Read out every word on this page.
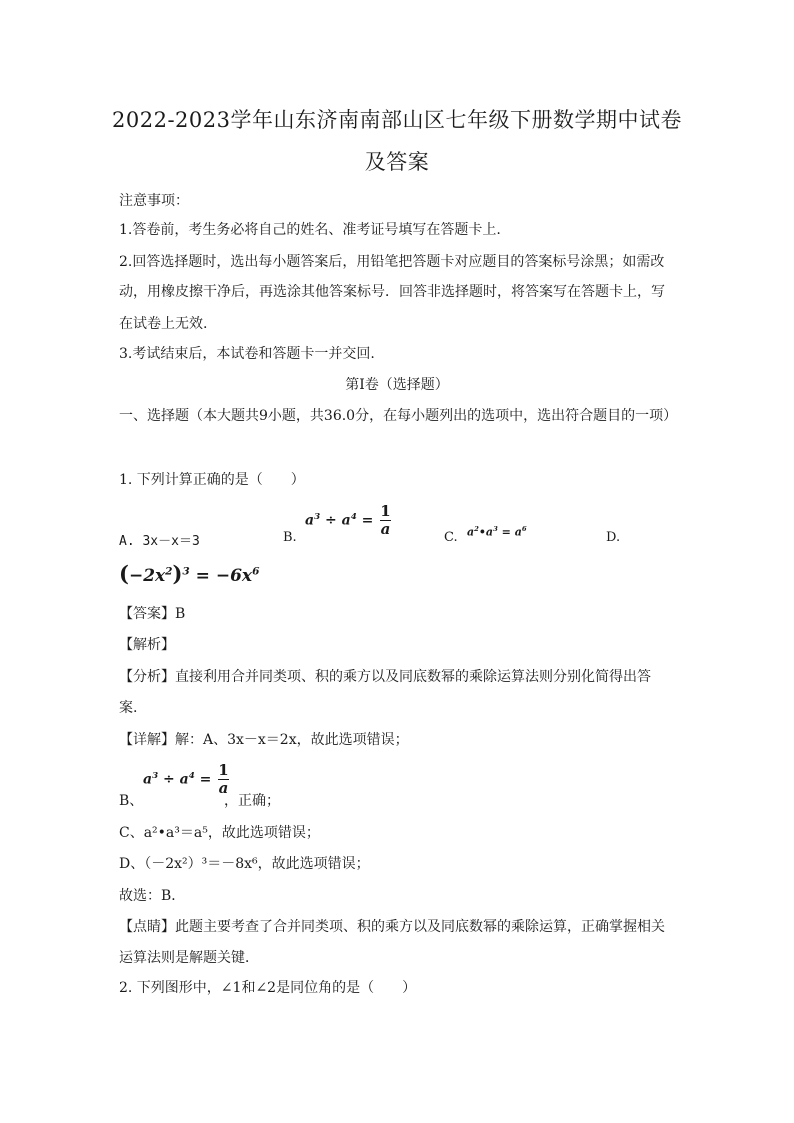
2022-2023学年山东济南南部山区七年级下册数学期中试卷
及答案
注意事项：
1.答卷前，考生务必将自己的姓名、准考证号填写在答题卡上.
2.回答选择题时，选出每小题答案后，用铅笔把答题卡对应题目的答案标号涂黑；如需改
动，用橡皮擦干净后，再选涂其他答案标号．回答非选择题时，将答案写在答题卡上，写
在试卷上无效.
3.考试结束后，本试卷和答题卡一并交回.
第I卷（选择题）
一、选择题（本大题共9小题，共36.0分，在每小题列出的选项中，选出符合题目的一项）
1. 下列计算正确的是（　　）
A. 3x－x＝3	B.
$a^3 \div a^4 = \frac{1}{a}$	C. $a^2•a^3 = a^6$
D.
$(-2x^2)^3 = -6x^6$
【答案】B
【解析】
【分析】直接利用合并同类项、积的乘方以及同底数幂的乘除运算法则分别化简得出答
案.
【详解】解：A、3x－x＝2x，故此选项错误；
B、
$a^3 \div a^4 = \frac{1}{a}$
，正确；
C、a²•a³＝a⁵，故此选项错误；
D、（－2x²）³＝－8x⁶，故此选项错误；
故选：B．
【点睛】此题主要考查了合并同类项、积的乘方以及同底数幂的乘除运算，正确掌握相关
运算法则是解题关键．
2. 下列图形中，∠1和∠2是同位角的是（　　）
